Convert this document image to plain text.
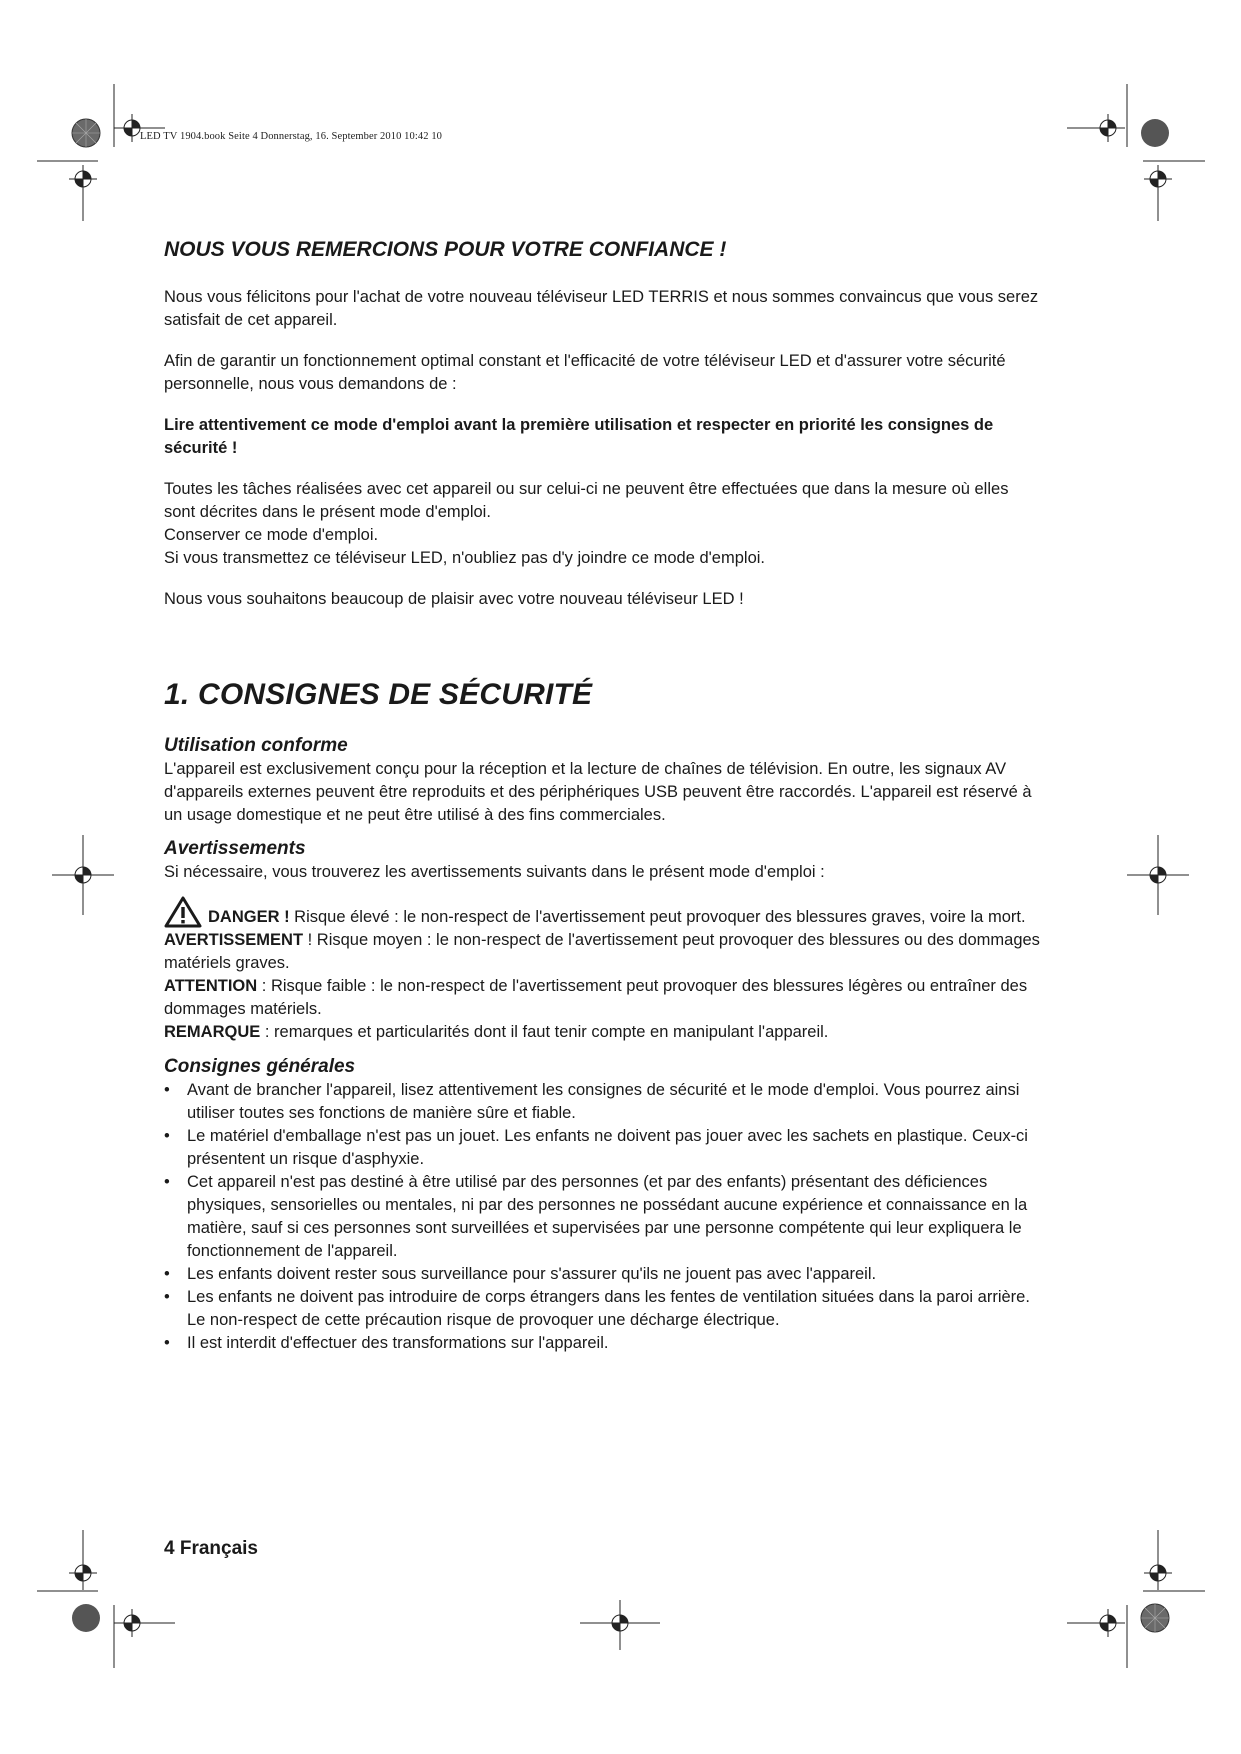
LED TV 1904.book Seite 4 Donnerstag, 16. September 2010 10:42 10
NOUS VOUS REMERCIONS POUR VOTRE CONFIANCE !

Nous vous félicitons pour l'achat de votre nouveau téléviseur LED TERRIS et nous sommes convaincus que vous serez satisfait de cet appareil.

Afin de garantir un fonctionnement optimal constant et l'efficacité de votre téléviseur LED et d'assurer votre sécurité personnelle, nous vous demandons de :

Lire attentivement ce mode d'emploi avant la première utilisation et respecter en priorité les consignes de sécurité !

Toutes les tâches réalisées avec cet appareil ou sur celui-ci ne peuvent être effectuées que dans la mesure où elles sont décrites dans le présent mode d'emploi.

Conserver ce mode d'emploi.

Si vous transmettez ce téléviseur LED, n'oubliez pas d'y joindre ce mode d'emploi.

Nous vous souhaitons beaucoup de plaisir avec votre nouveau téléviseur LED !

1. CONSIGNES DE SÉCURITÉ
Utilisation conforme

L'appareil est exclusivement conçu pour la réception et la lecture de chaînes de télévision. En outre, les signaux AV d'appareils externes peuvent être reproduits et des périphériques USB peuvent être raccordés. L'appareil est réservé à un usage domestique et ne peut être utilisé à des fins commerciales.

Avertissements

Si nécessaire, vous trouverez les avertissements suivants dans le présent mode d'emploi :

DANGER ! Risque élevé : le non-respect de l'avertissement peut provoquer des blessures graves, voire la mort.

AVERTISSEMENT ! Risque moyen : le non-respect de l'avertissement peut provoquer des blessures ou des dommages matériels graves.

ATTENTION : Risque faible : le non-respect de l'avertissement peut provoquer des blessures légères ou entraîner des dommages matériels.

REMARQUE : remarques et particularités dont il faut tenir compte en manipulant l'appareil.

Consignes générales
• Avant de brancher l'appareil, lisez attentivement les consignes de sécurité et le mode d'emploi. Vous pourrez ainsi utiliser toutes ses fonctions de manière sûre et fiable.
• Le matériel d'emballage n'est pas un jouet. Les enfants ne doivent pas jouer avec les sachets en plastique. Ceux-ci présentent un risque d'asphyxie.
• Cet appareil n'est pas destiné à être utilisé par des personnes (et par des enfants) présentant des déficiences physiques, sensorielles ou mentales, ni par des personnes ne possédant aucune expérience et connaissance en la matière, sauf si ces personnes sont surveillées et supervisées par une personne compétente qui leur expliquera le fonctionnement de l'appareil.
• Les enfants doivent rester sous surveillance pour s'assurer qu'ils ne jouent pas avec l'appareil.
• Les enfants ne doivent pas introduire de corps étrangers dans les fentes de ventilation situées dans la paroi arrière. Le non-respect de cette précaution risque de provoquer une décharge électrique.
• Il est interdit d'effectuer des transformations sur l'appareil.
4 Français
